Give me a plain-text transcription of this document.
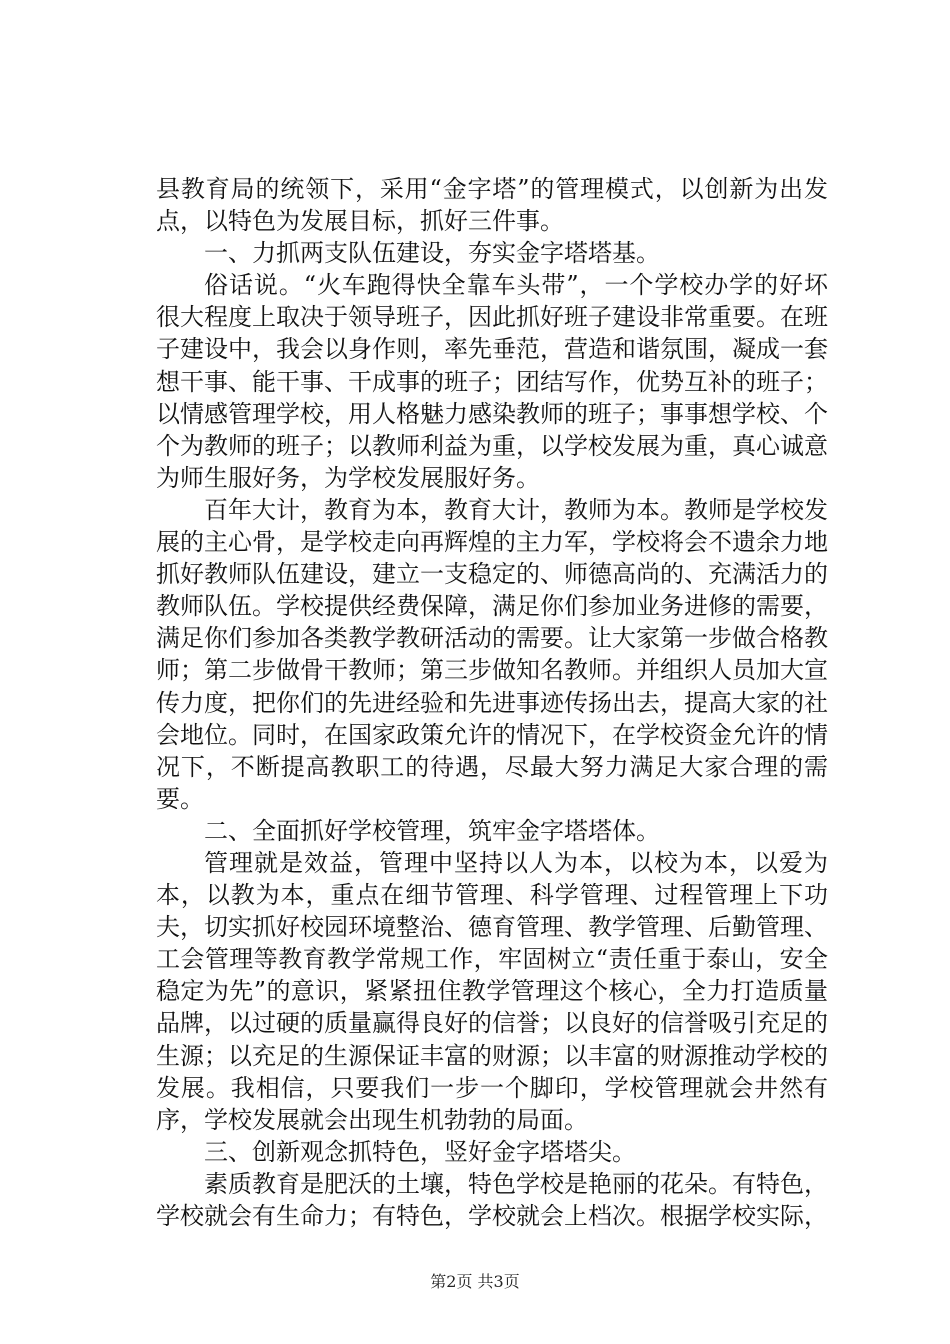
县教育局的统领下，采用“金字塔”的管理模式，以创新为出发点，以特色为发展目标，抓好三件事。

一、力抓两支队伍建设，夯实金字塔塔基。

俗话说。“火车跑得快全靠车头带”，一个学校办学的好坏很大程度上取决于领导班子，因此抓好班子建设非常重要。在班子建设中，我会以身作则，率先垂范，营造和谐氛围，凝成一套想干事、能干事、干成事的班子；团结写作，优势互补的班子；以情感管理学校，用人格魅力感染教师的班子；事事想学校、个个为教师的班子；以教师利益为重，以学校发展为重，真心诚意为师生服好务，为学校发展服好务。

百年大计，教育为本，教育大计，教师为本。教师是学校发展的主心骨，是学校走向再辉煌的主力军，学校将会不遗余力地抓好教师队伍建设，建立一支稳定的、师德高尚的、充满活力的教师队伍。学校提供经费保障，满足你们参加业务进修的需要，满足你们参加各类教学教研活动的需要。让大家第一步做合格教师；第二步做骨干教师；第三步做知名教师。并组织人员加大宣传力度，把你们的先进经验和先进事迹传扬出去，提高大家的社会地位。同时，在国家政策允许的情况下，在学校资金允许的情况下，不断提高教职工的待遇，尽最大努力满足大家合理的需要。

二、全面抓好学校管理，筑牢金字塔塔体。

管理就是效益，管理中坚持以人为本，以校为本，以爱为本，以教为本，重点在细节管理、科学管理、过程管理上下功夫，切实抓好校园环境整治、德育管理、教学管理、后勤管理、工会管理等教育教学常规工作，牢固树立“责任重于泰山，安全稳定为先”的意识，紧紧扭住教学管理这个核心，全力打造质量品牌，以过硬的质量赢得良好的信誉；以良好的信誉吸引充足的生源；以充足的生源保证丰富的财源；以丰富的财源推动学校的发展。我相信，只要我们一步一个脚印，学校管理就会井然有序，学校发展就会出现生机勃勃的局面。

三、创新观念抓特色，竖好金字塔塔尖。

素质教育是肥沃的土壤，特色学校是艳丽的花朵。有特色，学校就会有生命力；有特色，学校就会上档次。根据学校实际，

第2页 共3页
